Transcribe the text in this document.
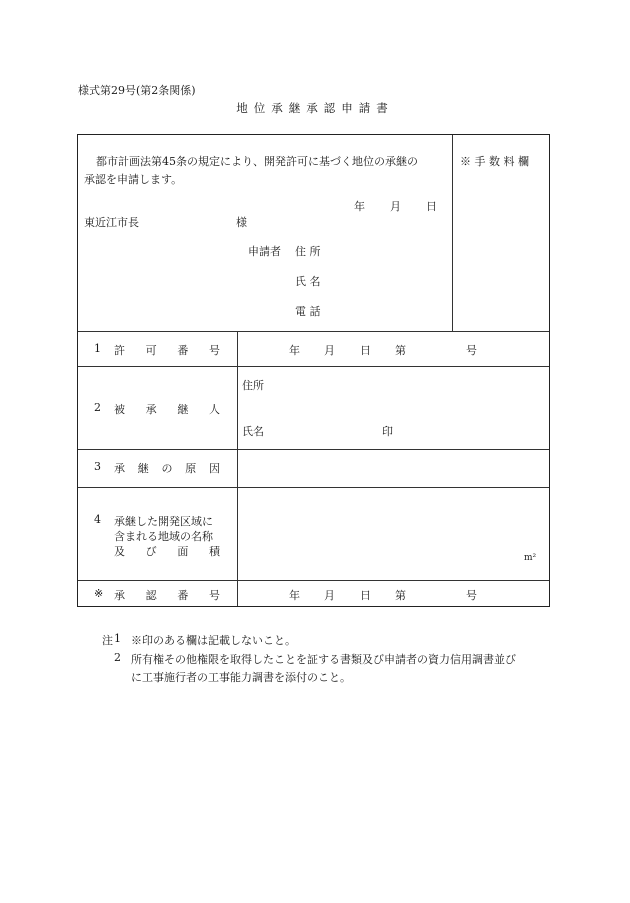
様式第29号(第2条関係)
地位承継承認申請書
都市計画法第45条の規定により、開発許可に基づく地位の承継の
承認を申請します。
※ 手 数 料 欄
年 月 日
東近江市長	様
申請者 住 所
氏 名
電 話
1 許 可 番 号	年 月 日 第	号
2 被 承 継 人
住所
氏名	印
3 承 継 の 原 因
4 承継した開発区域に
含まれる地域の名称
及 び 面 積	m²
※ 承 認 番 号	年 月 日 第	号
注 1 ※印のある欄は記載しないこと。
2 所有権その他権限を取得したことを証する書類及び申請者の資力信用調書並び
に工事施行者の工事能力調書を添付のこと。
